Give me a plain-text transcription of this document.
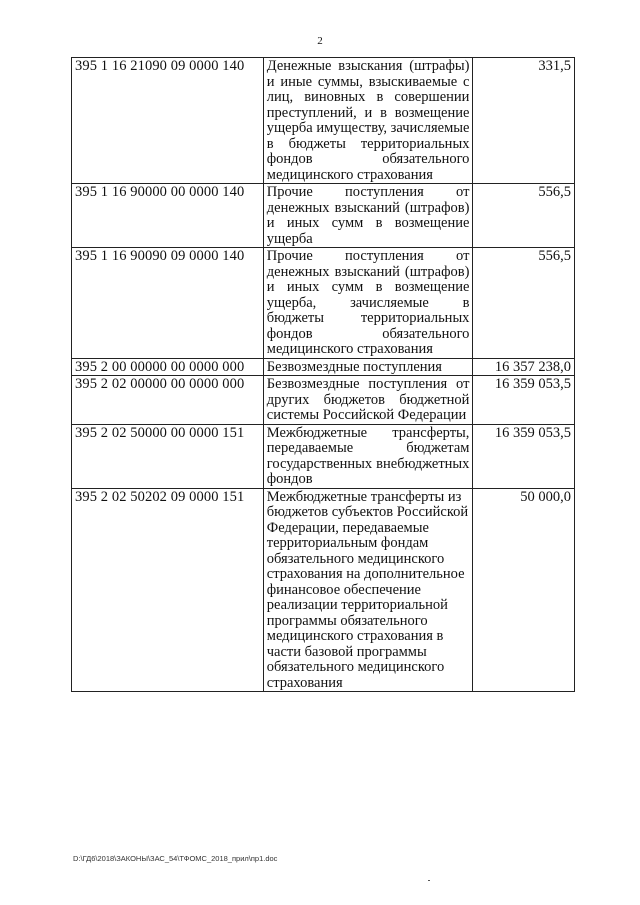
2
395 1 16 21090 09 0000 140	Денежные взыскания (штрафы) и иные суммы, взыскиваемые с лиц, виновных в совершении преступлений, и в возмещение ущерба имуществу, зачисляемые в бюджеты территориальных фондов обязательного медицинского страхования	331,5
395 1 16 90000 00 0000 140	Прочие поступления от денежных взысканий (штрафов) и иных сумм в возмещение ущерба	556,5
395 1 16 90090 09 0000 140	Прочие поступления от денежных взысканий (штрафов) и иных сумм в возмещение ущерба, зачисляемые в бюджеты территориальных фондов обязательного медицинского страхования	556,5
395 2 00 00000 00 0000 000	Безвозмездные поступления	16 357 238,0
395 2 02 00000 00 0000 000	Безвозмездные поступления от других бюджетов бюджетной системы Российской Федерации	16 359 053,5
395 2 02 50000 00 0000 151	Межбюджетные трансферты, передаваемые бюджетам государственных внебюджетных фондов	16 359 053,5
395 2 02 50202 09 0000 151	Межбюджетные трансферты из бюджетов субъектов Российской Федерации, передаваемые территориальным фондам обязательного медицинского страхования на дополнительное финансовое обеспечение реализации территориальной программы обязательного медицинского страхования в части базовой программы обязательного медицинского страхования	50 000,0
D:\ГД6\2018\ЗАКОНЫ\ЗАС_54\ТФОМС_2018_прил\пр1.doc
